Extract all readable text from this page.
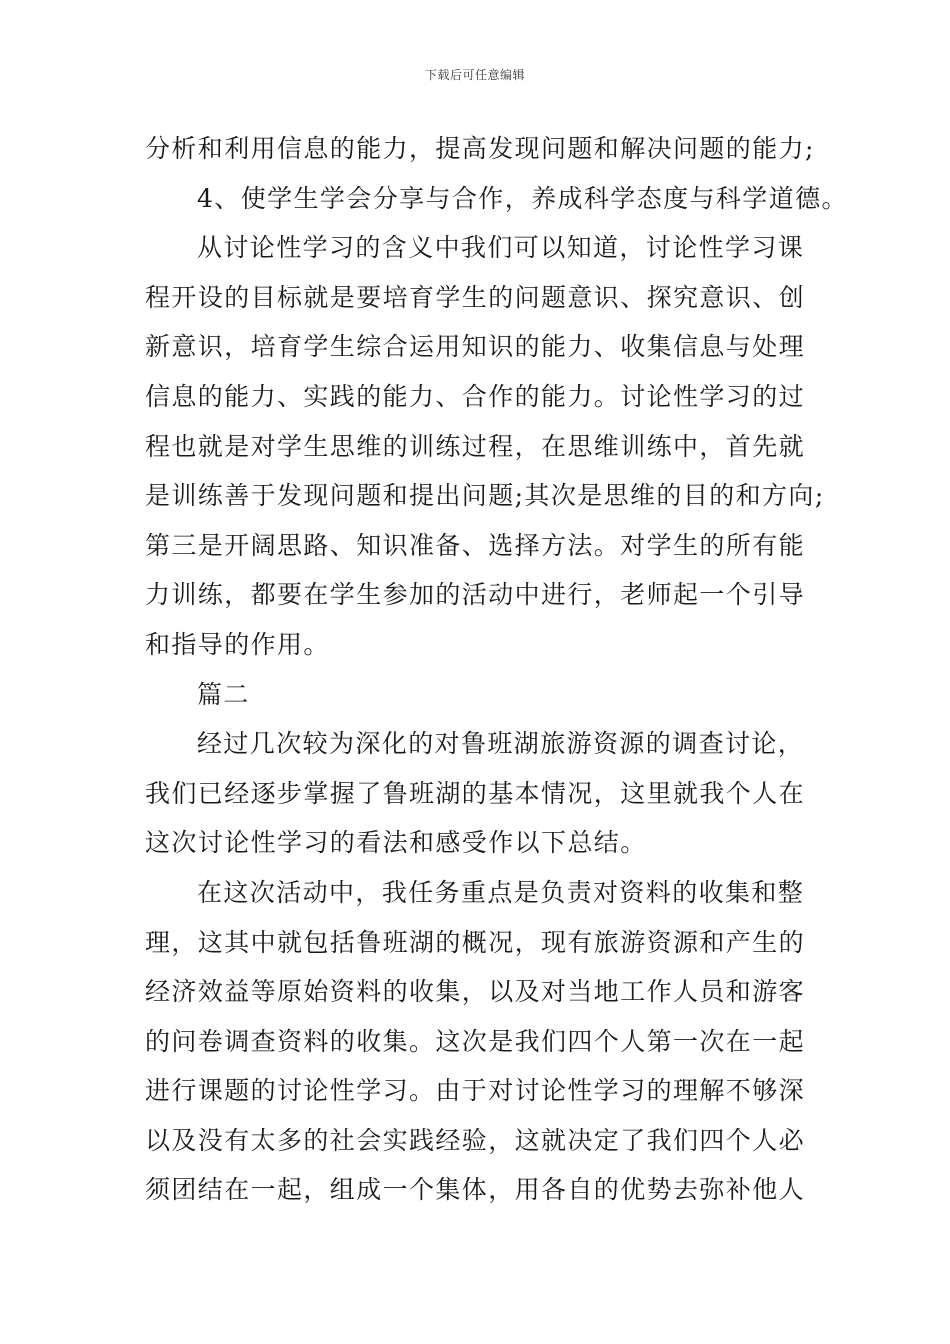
下载后可任意编辑
分析和利用信息的能力，提高发现问题和解决问题的能力;
4、使学生学会分享与合作，养成科学态度与科学道德。
从讨论性学习的含义中我们可以知道，讨论性学习课
程开设的目标就是要培育学生的问题意识、探究意识、创
新意识，培育学生综合运用知识的能力、收集信息与处理
信息的能力、实践的能力、合作的能力。讨论性学习的过
程也就是对学生思维的训练过程，在思维训练中，首先就
是训练善于发现问题和提出问题;其次是思维的目的和方向;
第三是开阔思路、知识准备、选择方法。对学生的所有能
力训练，都要在学生参加的活动中进行，老师起一个引导
和指导的作用。
篇二
经过几次较为深化的对鲁班湖旅游资源的调查讨论，
我们已经逐步掌握了鲁班湖的基本情况，这里就我个人在
这次讨论性学习的看法和感受作以下总结。
在这次活动中，我任务重点是负责对资料的收集和整
理，这其中就包括鲁班湖的概况，现有旅游资源和产生的
经济效益等原始资料的收集，以及对当地工作人员和游客
的问卷调查资料的收集。这次是我们四个人第一次在一起
进行课题的讨论性学习。由于对讨论性学习的理解不够深
以及没有太多的社会实践经验，这就决定了我们四个人必
须团结在一起，组成一个集体，用各自的优势去弥补他人
